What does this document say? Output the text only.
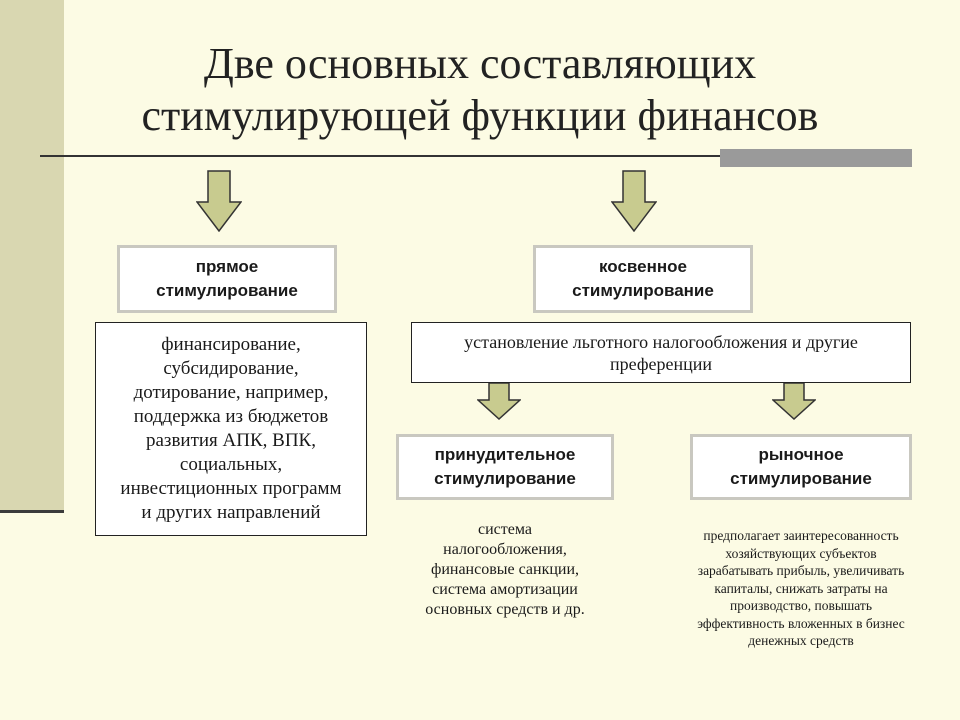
Две основных составляющих
стимулирующей функции финансов
прямое
стимулирование
финансирование,
субсидирование,
дотирование, например,
поддержка из бюджетов
развития АПК, ВПК,
социальных,
инвестиционных программ
и других направлений
косвенное
стимулирование
установление льготного налогообложения и другие
преференции
принудительное
стимулирование
система
налогообложения,
финансовые санкции,
система амортизации
основных средств и др.
рыночное
стимулирование
предполагает заинтересованность
хозяйствующих субъектов
зарабатывать прибыль, увеличивать
капиталы, снижать затраты на
производство, повышать
эффективность вложенных в бизнес
денежных средств
